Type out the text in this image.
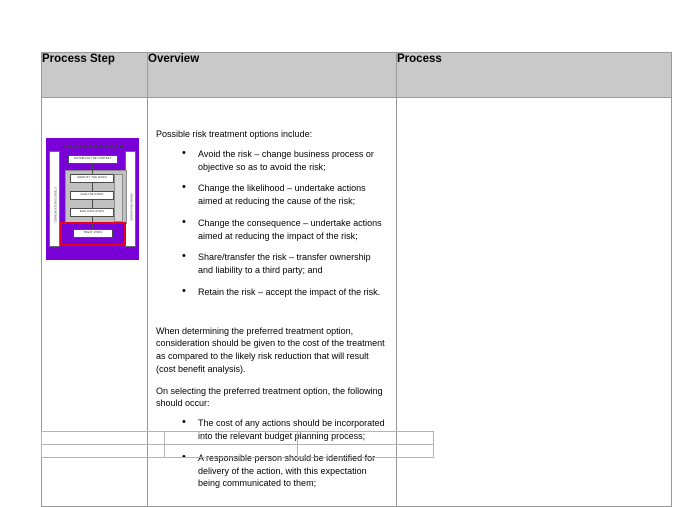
Process Step	Overview	Process

COMMUNICATE AND CONSULT	MONITOR AND REVIEW
ESTABLISH THE CONTEXT
IDENTIFY THE RISKS
ANALYSE RISKS
EVALUATE RISKS
TREAT RISKS

Possible risk treatment options include:

• Avoid the risk – change business process or objective so as to avoid the risk;
• Change the likelihood – undertake actions aimed at reducing the cause of the risk;
• Change the consequence – undertake actions aimed at reducing the impact of the risk;
• Share/transfer the risk – transfer ownership and liability to a third party; and
• Retain the risk – accept the impact of the risk.

When determining the preferred treatment option, consideration should be given to the cost of the treatment as compared to the likely risk reduction that will result (cost benefit analysis).

On selecting the preferred treatment option, the following should occur:

• The cost of any actions should be incorporated into the relevant budget planning process;
• A responsible person should be identified for delivery of the action, with this expectation being communicated to them;
